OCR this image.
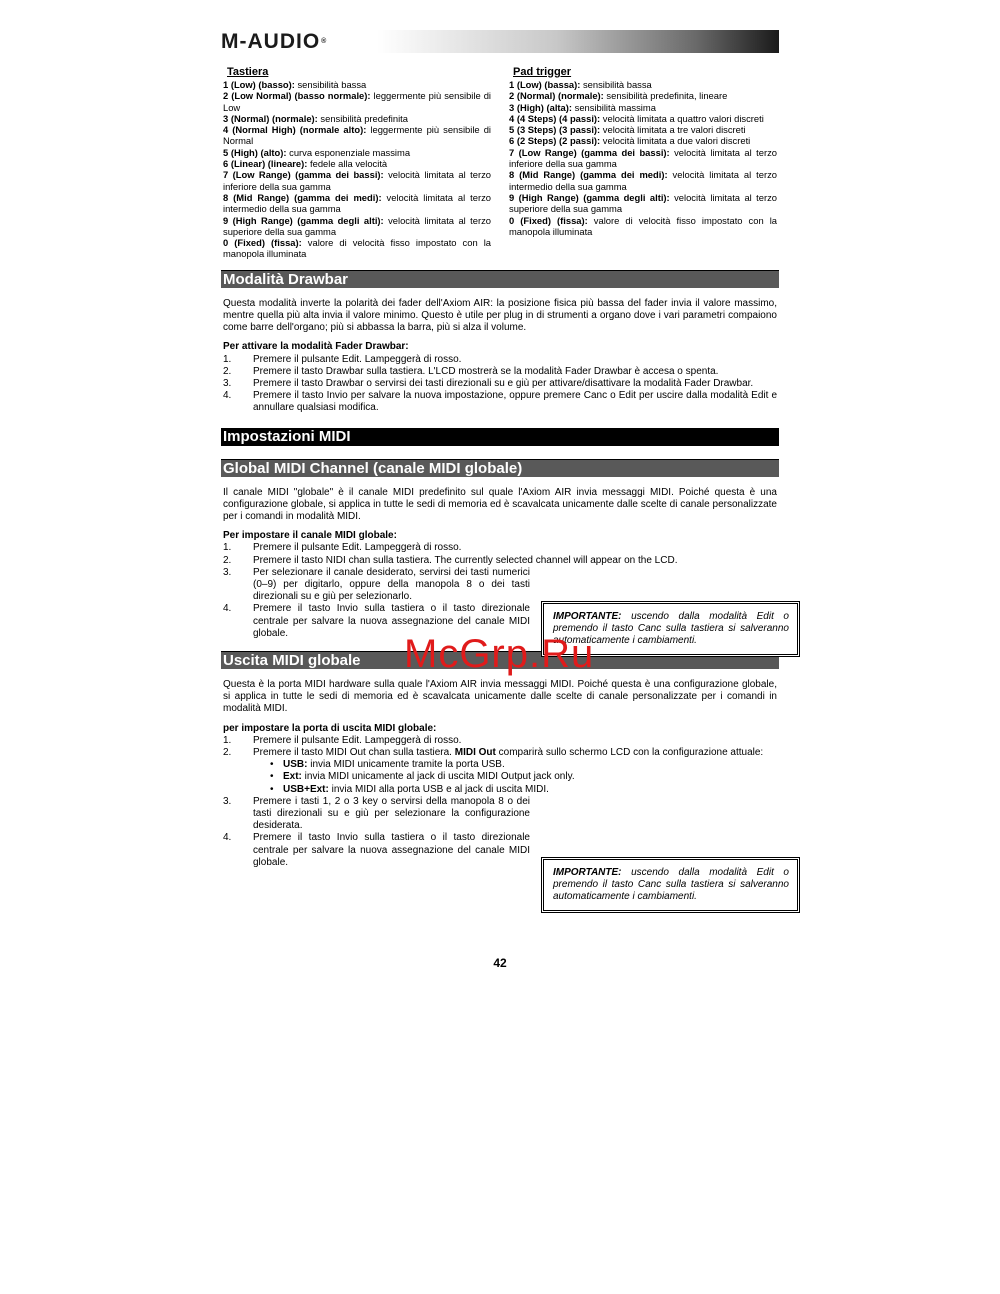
M-AUDIO®
Tastiera

1 (Low) (basso): sensibilità bassa

2 (Low Normal) (basso normale): leggermente più sensibile di Low

3 (Normal) (normale): sensibilità predefinita

4 (Normal High) (normale alto): leggermente più sensibile di Normal

5 (High) (alto): curva esponenziale massima

6 (Linear) (lineare): fedele alla velocità

7 (Low Range) (gamma dei bassi): velocità limitata al terzo inferiore della sua gamma

8 (Mid Range) (gamma dei medi): velocità limitata al terzo intermedio della sua gamma

9 (High Range) (gamma degli alti): velocità limitata al terzo superiore della sua gamma

0 (Fixed) (fissa): valore di velocità fisso impostato con la manopola illuminata

Pad trigger

1 (Low) (bassa): sensibilità bassa

2 (Normal) (normale): sensibilità predefinita, lineare

3 (High) (alta): sensibilità massima

4 (4 Steps) (4 passi): velocità limitata a quattro valori discreti

5 (3 Steps) (3 passi): velocità limitata a tre valori discreti

6 (2 Steps) (2 passi): velocità limitata a due valori discreti

7 (Low Range) (gamma dei bassi): velocità limitata al terzo inferiore della sua gamma

8 (Mid Range) (gamma dei medi): velocità limitata al terzo intermedio della sua gamma

9 (High Range) (gamma degli alti): velocità limitata al terzo superiore della sua gamma

0 (Fixed) (fissa): valore di velocità fisso impostato con la manopola illuminata

Modalità Drawbar

Questa modalità inverte la polarità dei fader dell'Axiom AIR: la posizione fisica più bassa del fader invia il valore massimo, mentre quella più alta invia il valore minimo. Questo è utile per plug in di strumenti a organo dove i vari parametri compaiono come barre dell'organo; più si abbassa la barra, più si alza il volume.

Per attivare la modalità Fader Drawbar:

1.	Premere il pulsante Edit. Lampeggerà di rosso.
2.	Premere il tasto Drawbar sulla tastiera. L'LCD mostrerà se la modalità Fader Drawbar è accesa o spenta.
3.	Premere il tasto Drawbar o servirsi dei tasti direzionali su e giù per attivare/disattivare la modalità Fader Drawbar.
4.	Premere il tasto Invio per salvare la nuova impostazione, oppure premere Canc o Edit per uscire dalla modalità Edit e annullare qualsiasi modifica.
Impostazioni MIDI
Global MIDI Channel (canale MIDI globale)

Il canale MIDI "globale" è il canale MIDI predefinito sul quale l'Axiom AIR invia messaggi MIDI. Poiché questa è una configurazione globale, si applica in tutte le sedi di memoria ed è scavalcata unicamente dalle scelte di canale personalizzate per i comandi in modalità MIDI.

Per impostare il canale MIDI globale:

1.	Premere il pulsante Edit. Lampeggerà di rosso.
2.	Premere il tasto NIDI chan sulla tastiera. The currently selected channel will appear on the LCD.
3.	Per selezionare il canale desiderato, servirsi dei tasti numerici (0–9) per digitarlo, oppure della manopola 8 o dei tasti direzionali su e giù per selezionarlo.
4.	Premere il tasto Invio sulla tastiera o il tasto direzionale centrale per salvare la nuova assegnazione del canale MIDI globale.
Uscita MIDI globale

Questa è la porta MIDI hardware sulla quale l'Axiom AIR invia messaggi MIDI. Poiché questa è una configurazione globale, si applica in tutte le sedi di memoria ed è scavalcata unicamente dalle scelte di canale personalizzate per i comandi in modalità MIDI.

per impostare la porta di uscita MIDI globale:

1.	Premere il pulsante Edit. Lampeggerà di rosso.
2.	Premere il tasto MIDI Out chan sulla tastiera. MIDI Out comparirà sullo schermo LCD con la configurazione attuale:
• USB: invia MIDI unicamente tramite la porta USB.
• Ext: invia MIDI unicamente al jack di uscita MIDI Output jack only.
• USB+Ext: invia MIDI alla porta USB e al jack di uscita MIDI.
3.	Premere i tasti 1, 2 o 3 key o servirsi della manopola 8 o dei tasti direzionali su e giù per selezionare la configurazione desiderata.
4.	Premere il tasto Invio sulla tastiera o il tasto direzionale centrale per salvare la nuova assegnazione del canale MIDI globale.
IMPORTANTE: uscendo dalla modalità Edit o premendo il tasto Canc sulla tastiera si salveranno automaticamente i cambiamenti.
IMPORTANTE: uscendo dalla modalità Edit o premendo il tasto Canc sulla tastiera si salveranno automaticamente i cambiamenti.
McGrp.Ru
42
